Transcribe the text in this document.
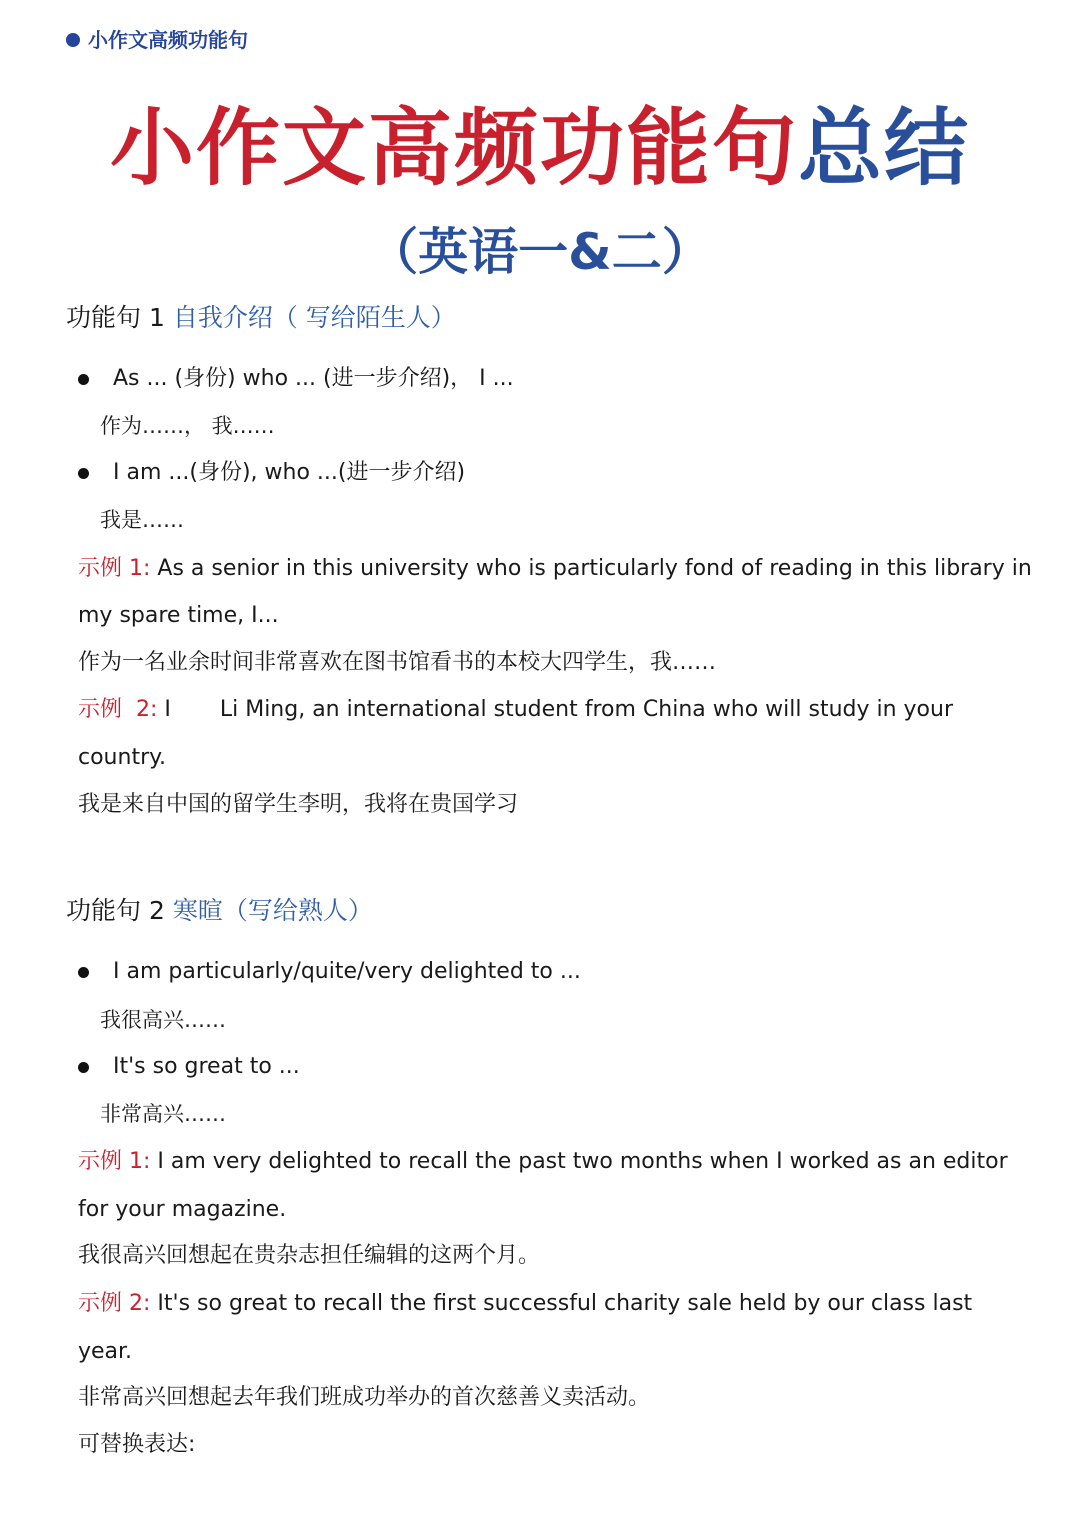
小作文高频功能句
小作文高频功能句总结
（英语一&二）
功能句 1 自我介绍（ 写给陌生人）
As ... (身份) who ... (进一步介绍)， I ...
作为……， 我……
I am ...(身份), who ...(进一步介绍)
我是……
示例 1: As a senior in this university who is particularly fond of reading in this library in
my spare time, I...
作为一名业余时间非常喜欢在图书馆看书的本校大四学生，我……
示例  2: I       Li Ming, an international student from China who will study in your
country.
我是来自中国的留学生李明，我将在贵国学习
功能句 2 寒暄（写给熟人）
I am particularly/quite/very delighted to ...
我很高兴……
It's so great to ...
非常高兴……
示例 1: I am very delighted to recall the past two months when I worked as an editor
for your magazine.
我很高兴回想起在贵杂志担任编辑的这两个月。
示例 2: It's so great to recall the first successful charity sale held by our class last
year.
非常高兴回想起去年我们班成功举办的首次慈善义卖活动。
可替换表达:
